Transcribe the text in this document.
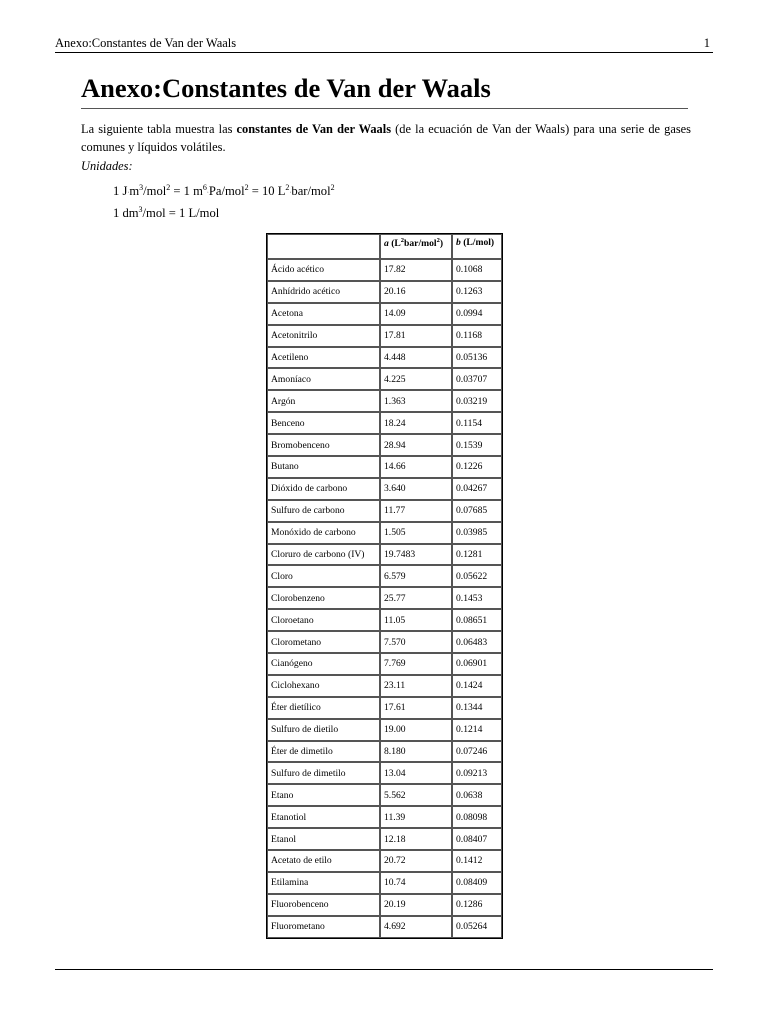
Anexo:Constantes de Van der Waals	1
Anexo:Constantes de Van der Waals

La siguiente tabla muestra las constantes de Van der Waals (de la ecuación de Van der Waals) para una serie de gases comunes y líquidos volátiles.

Unidades:
1 $J\cdot m^3/mol^2 = 1$ $m^6\cdot Pa/mol^2 = 10$ $L^2\cdot bar/mol^2$
1 $dm^3$/mol = 1 L/mol
	a $(L^2bar/mol^2)$	b (L/mol)
Ácido acético	17.82	0.1068
Anhídrido acético	20.16	0.1263
Acetona	14.09	0.0994
Acetonitrilo	17.81	0.1168
Acetileno	4.448	0.05136
Amoníaco	4.225	0.03707
Argón	1.363	0.03219
Benceno	18.24	0.1154
Bromobenceno	28.94	0.1539
Butano	14.66	0.1226
Dióxido de carbono	3.640	0.04267
Sulfuro de carbono	11.77	0.07685
Monóxido de carbono	1.505	0.03985
Cloruro de carbono (IV)	19.7483	0.1281
Cloro	6.579	0.05622
Clorobenzeno	25.77	0.1453
Cloroetano	11.05	0.08651
Clorometano	7.570	0.06483
Cianógeno	7.769	0.06901
Ciclohexano	23.11	0.1424
Éter dietílico	17.61	0.1344
Sulfuro de dietilo	19.00	0.1214
Éter de dimetilo	8.180	0.07246
Sulfuro de dimetilo	13.04	0.09213
Etano	5.562	0.0638
Etanotiol	11.39	0.08098
Etanol	12.18	0.08407
Acetato de etilo	20.72	0.1412
Etilamina	10.74	0.08409
Fluorobenceno	20.19	0.1286
Fluorometano	4.692	0.05264
